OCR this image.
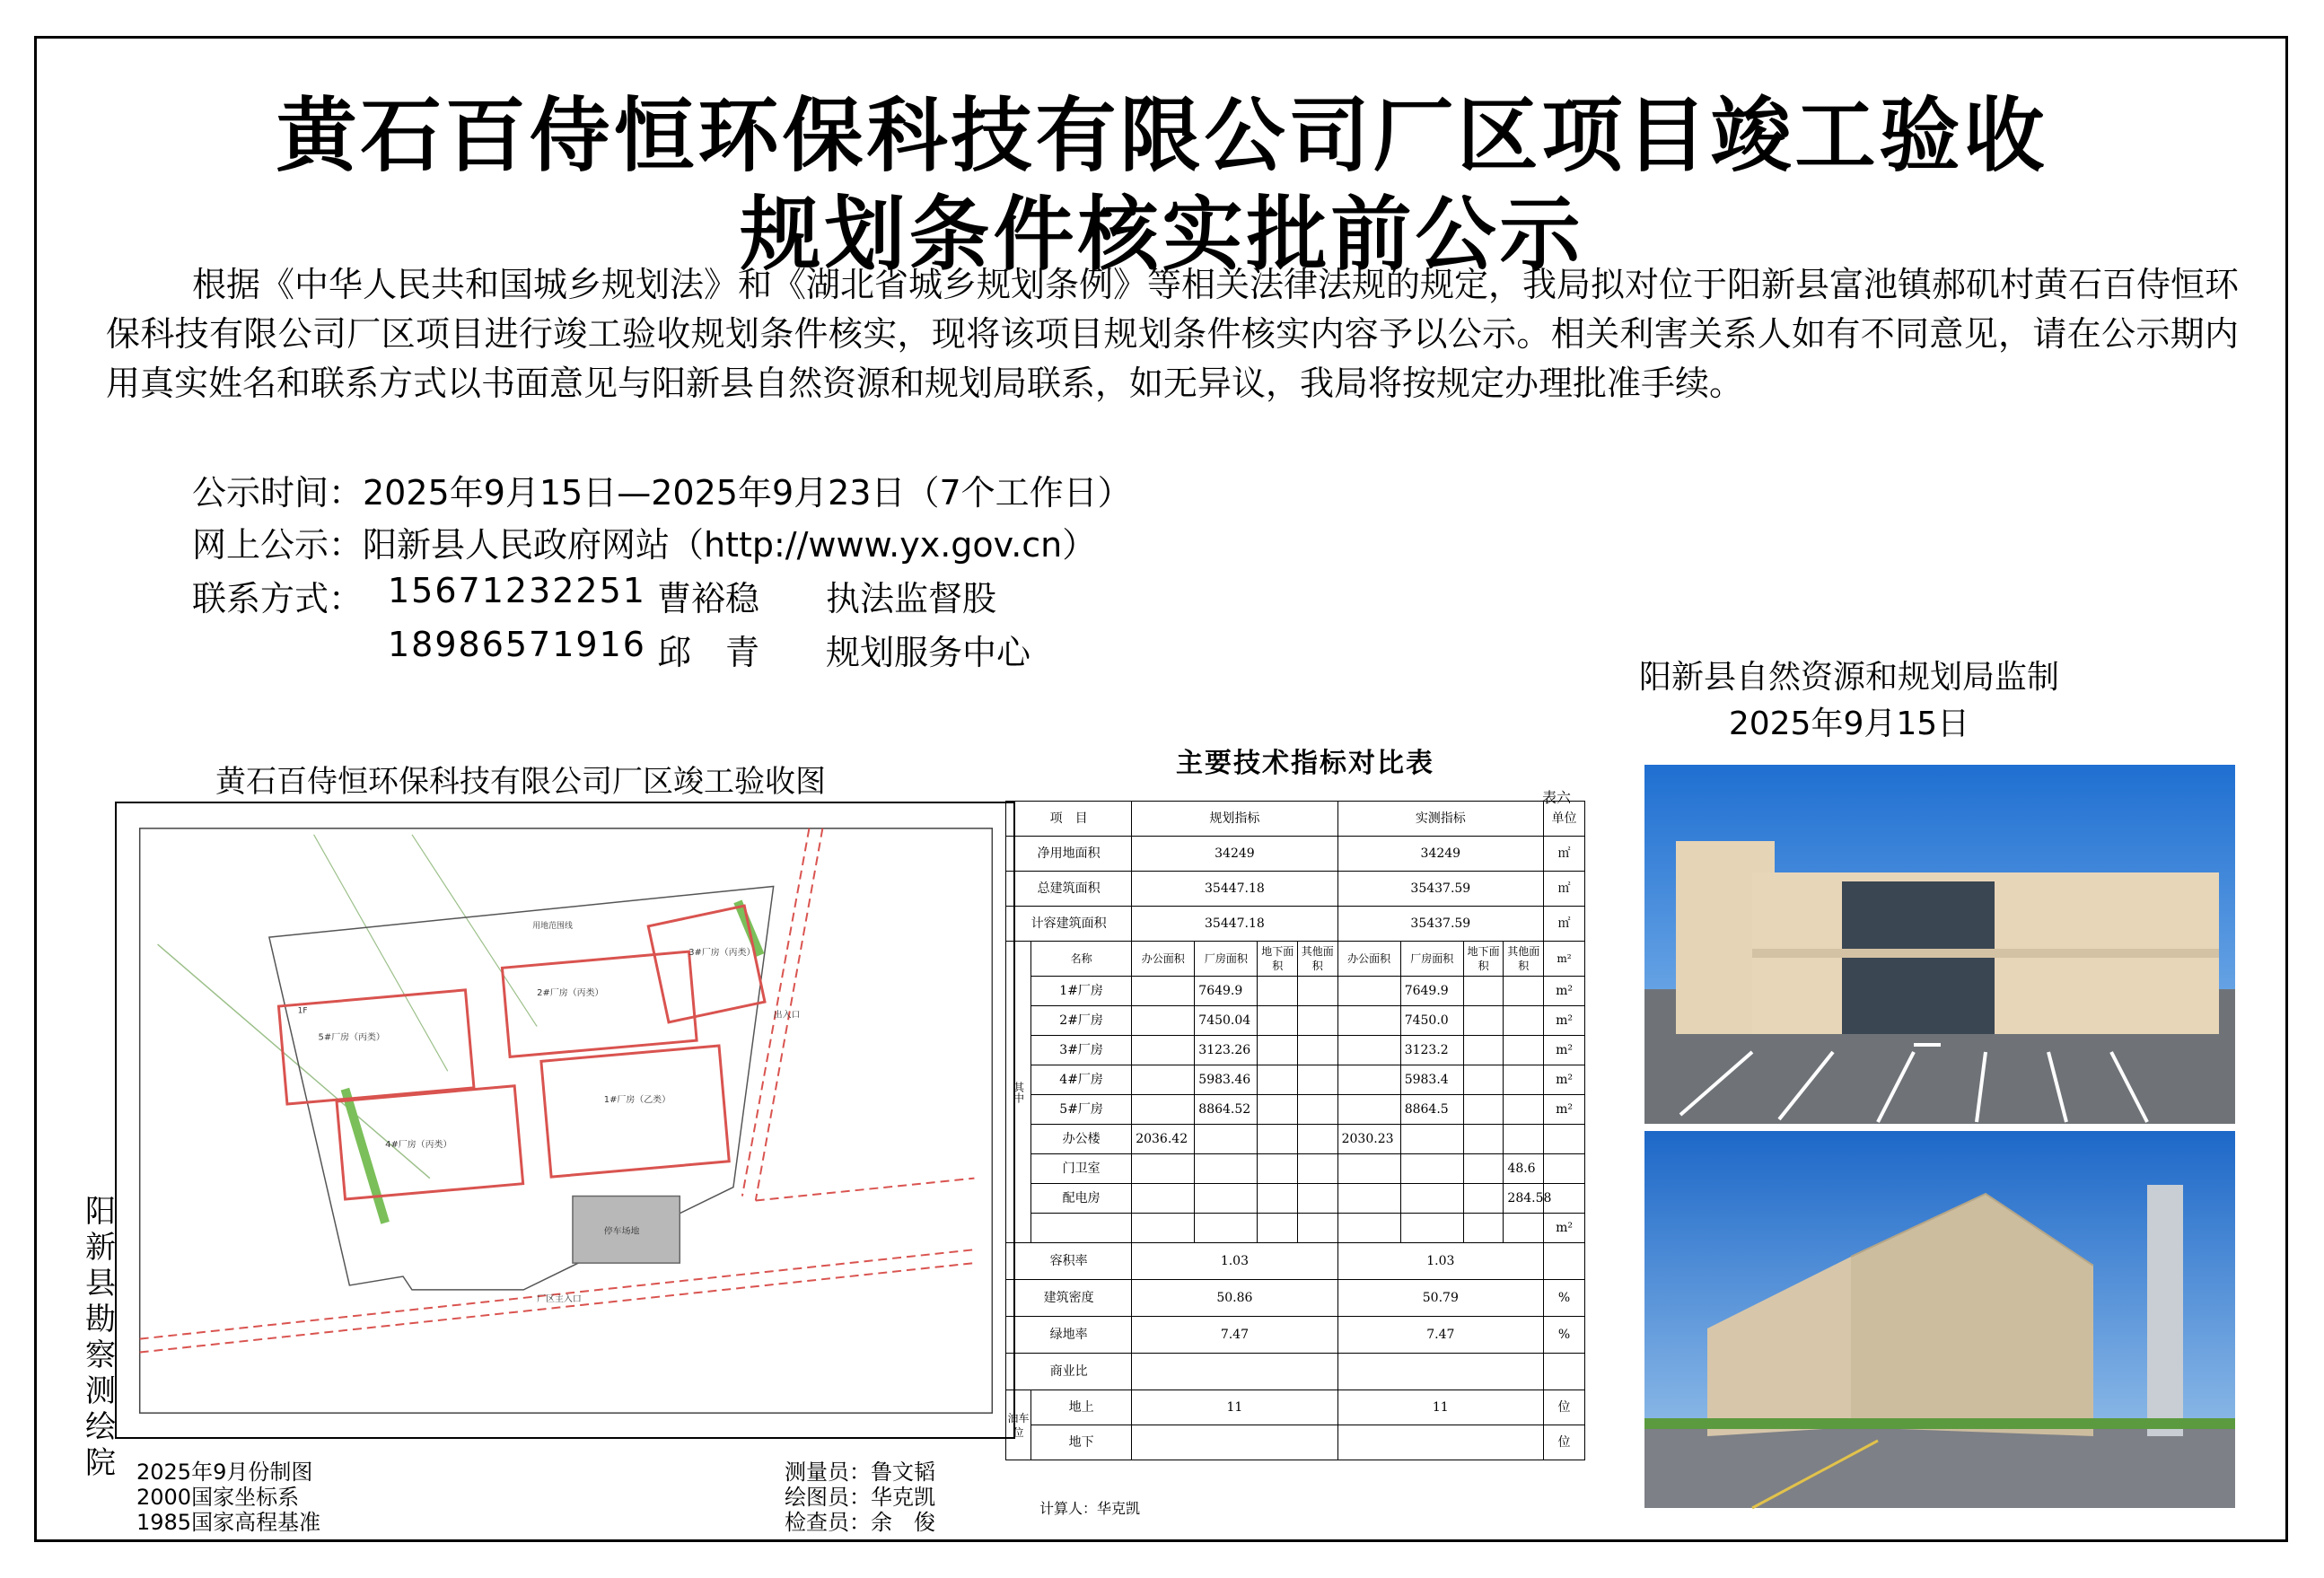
黄石百侍恒环保科技有限公司厂区项目竣工验收
规划条件核实批前公示
根据《中华人民共和国城乡规划法》和《湖北省城乡规划条例》等相关法律法规的规定，我局拟对位于阳新县富池镇郝矶村黄石百侍恒环保科技有限公司厂区项目进行竣工验收规划条件核实，现将该项目规划条件核实内容予以公示。相关利害关系人如有不同意见，请在公示期内用真实姓名和联系方式以书面意见与阳新县自然资源和规划局联系，如无异议，我局将按规定办理批准手续。
公示时间：2025年9月15日—2025年9月23日（7个工作日）
网上公示：阳新县人民政府网站（http://www.yx.gov.cn）
联系方式： 15671232251 曹裕稳 执法监督股
18986571916 邱　青 规划服务中心
阳新县自然资源和规划局监制
2025年9月15日
黄石百侍恒环保科技有限公司厂区竣工验收图
阳新县勘察测绘院
停车场地
5#厂房（丙类）
2#厂房（丙类）
3#厂房（丙类）
4#厂房（丙类）
1#厂房（乙类）
厂区主入口
出入口
用地范围线
1F
2025年9月份制图
2000国家坐标系
1985国家高程基准
测量员：鲁文韬
绘图员：华克凯
检查员：余　俊
主要技术指标对比表
表六
项　目		规划指标				实测指标				单位
净用地面积		34249				34249				㎡
总建筑面积		35447.18				35437.59				㎡
计容建筑面积		35447.18				35437.59				㎡
其中	名称	办公面积	厂房面积	地下面积	其他面积	办公面积	厂房面积	地下面积	其他面积	m²
	1#厂房		7649.9				7649.9			m²
	2#厂房		7450.04				7450.0			m²
	3#厂房		3123.26				3123.2			m²
	4#厂房		5983.46				5983.4			m²
	5#厂房		8864.52				8864.5			m²
	办公楼	2036.42				2030.23				
	门卫室								48.6	
	配电房								284.58	
										m²
容积率		1.03				1.03				
建筑密度		50.86				50.79				%
绿地率		7.47				7.47				%
商业比										
泊车位	地上	11				11				位
	地下									位
计算人：华克凯
